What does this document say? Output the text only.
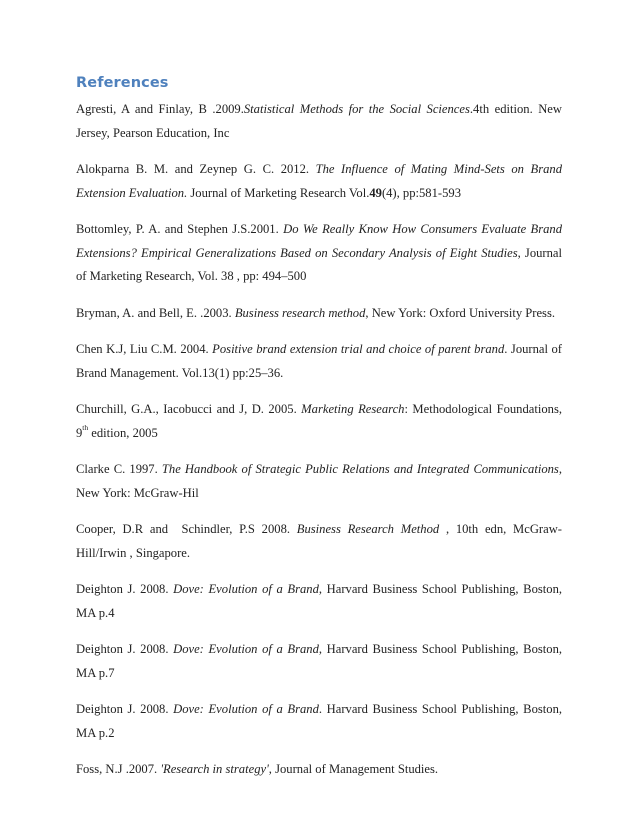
References

Agresti, A and Finlay, B .2009.Statistical Methods for the Social Sciences.4th edition. New Jersey, Pearson Education, Inc

Alokparna B. M. and Zeynep G. C. 2012. The Influence of Mating Mind-Sets on Brand Extension Evaluation. Journal of Marketing Research Vol.49(4), pp:581-593

Bottomley, P. A. and Stephen J.S.2001. Do We Really Know How Consumers Evaluate Brand Extensions? Empirical Generalizations Based on Secondary Analysis of Eight Studies, Journal of Marketing Research, Vol. 38 , pp: 494–500

Bryman, A. and Bell, E. .2003. Business research method, New York: Oxford University Press.

Chen K.J, Liu C.M. 2004. Positive brand extension trial and choice of parent brand. Journal of Brand Management. Vol.13(1) pp:25–36.

Churchill, G.A., Iacobucci and J, D. 2005. Marketing Research: Methodological Foundations, 9th edition, 2005

Clarke C. 1997. The Handbook of Strategic Public Relations and Integrated Communications, New York: McGraw-Hil

Cooper, D.R and  Schindler, P.S 2008. Business Research Method , 10th edn, McGraw-Hill/Irwin , Singapore.

Deighton J. 2008. Dove: Evolution of a Brand, Harvard Business School Publishing, Boston, MA p.4

Deighton J. 2008. Dove: Evolution of a Brand, Harvard Business School Publishing, Boston, MA p.7

Deighton J. 2008. Dove: Evolution of a Brand. Harvard Business School Publishing, Boston, MA p.2

Foss, N.J .2007. 'Research in strategy', Journal of Management Studies.
